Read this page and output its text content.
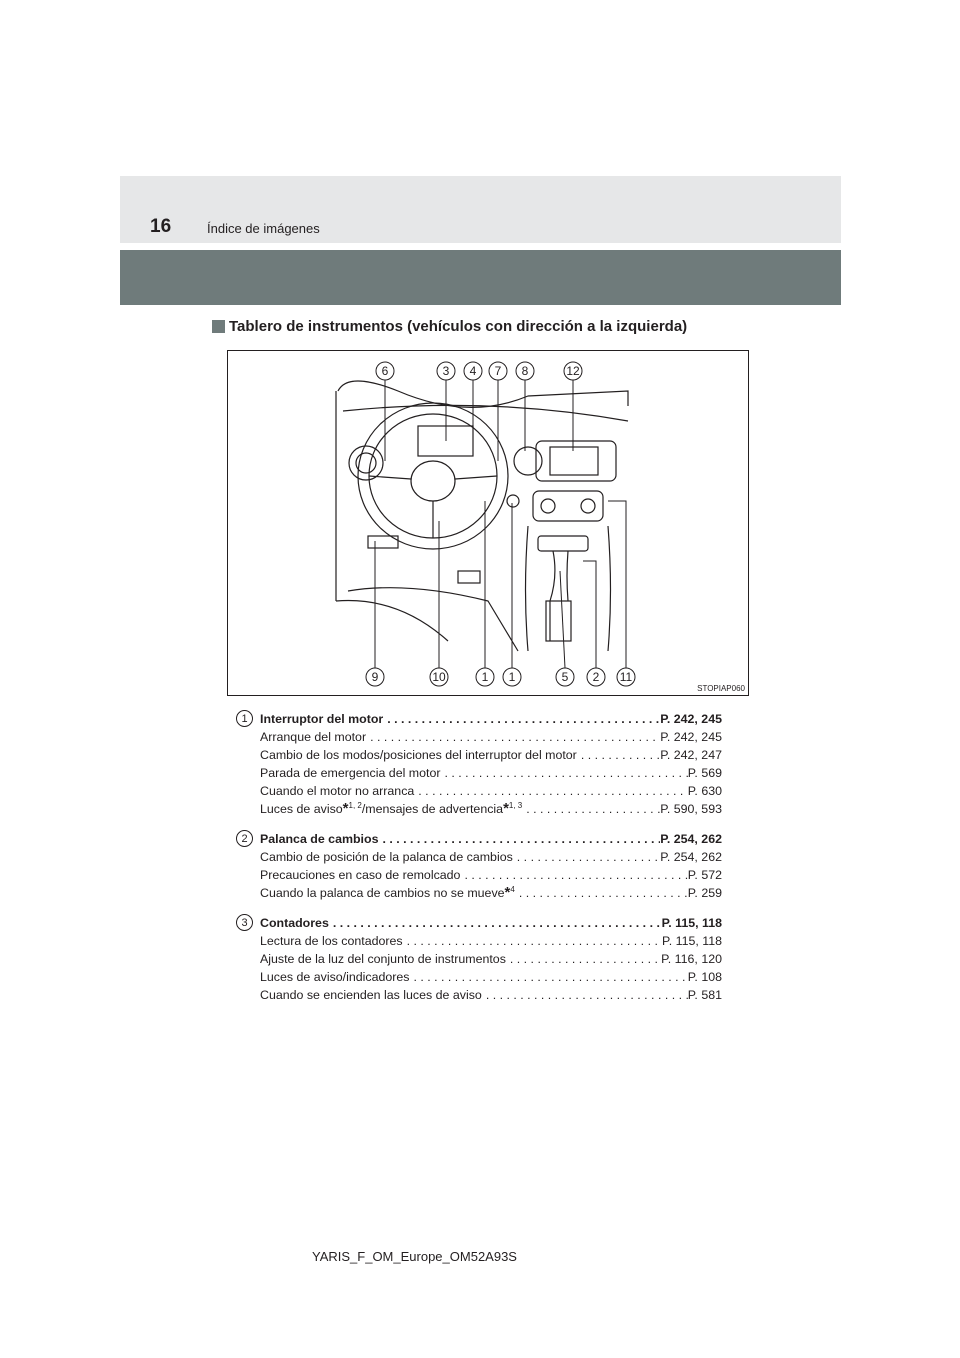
16	Índice de imágenes
Tablero de instrumentos (vehículos con dirección a la izquierda)
6	3 4 7 8	12
9	10	1 1	5 2 11
STOPIAP060
1	Interruptor del motor . . .	P. 242, 245
Arranque del motor . . .	P. 242, 245
Cambio de los modos/posiciones del interruptor del motor . . .	P. 242, 247
Parada de emergencia del motor . . .	P. 569
Cuando el motor no arranca . . .	P. 630
Luces de aviso*$^{1, 2}$/mensajes de advertencia*$^{1, 3}$ . . .	P. 590, 593
2	Palanca de cambios . . .	P. 254, 262
Cambio de posición de la palanca de cambios . . .	P. 254, 262
Precauciones en caso de remolcado . . .	P. 572
Cuando la palanca de cambios no se mueve*$^4$ . . .	P. 259
3	Contadores . . .	P. 115, 118
Lectura de los contadores . . .	P. 115, 118
Ajuste de la luz del conjunto de instrumentos . . .	P. 116, 120
Luces de aviso/indicadores . . .	P. 108
Cuando se encienden las luces de aviso . . .	P. 581
YARIS_F_OM_Europe_OM52A93S
